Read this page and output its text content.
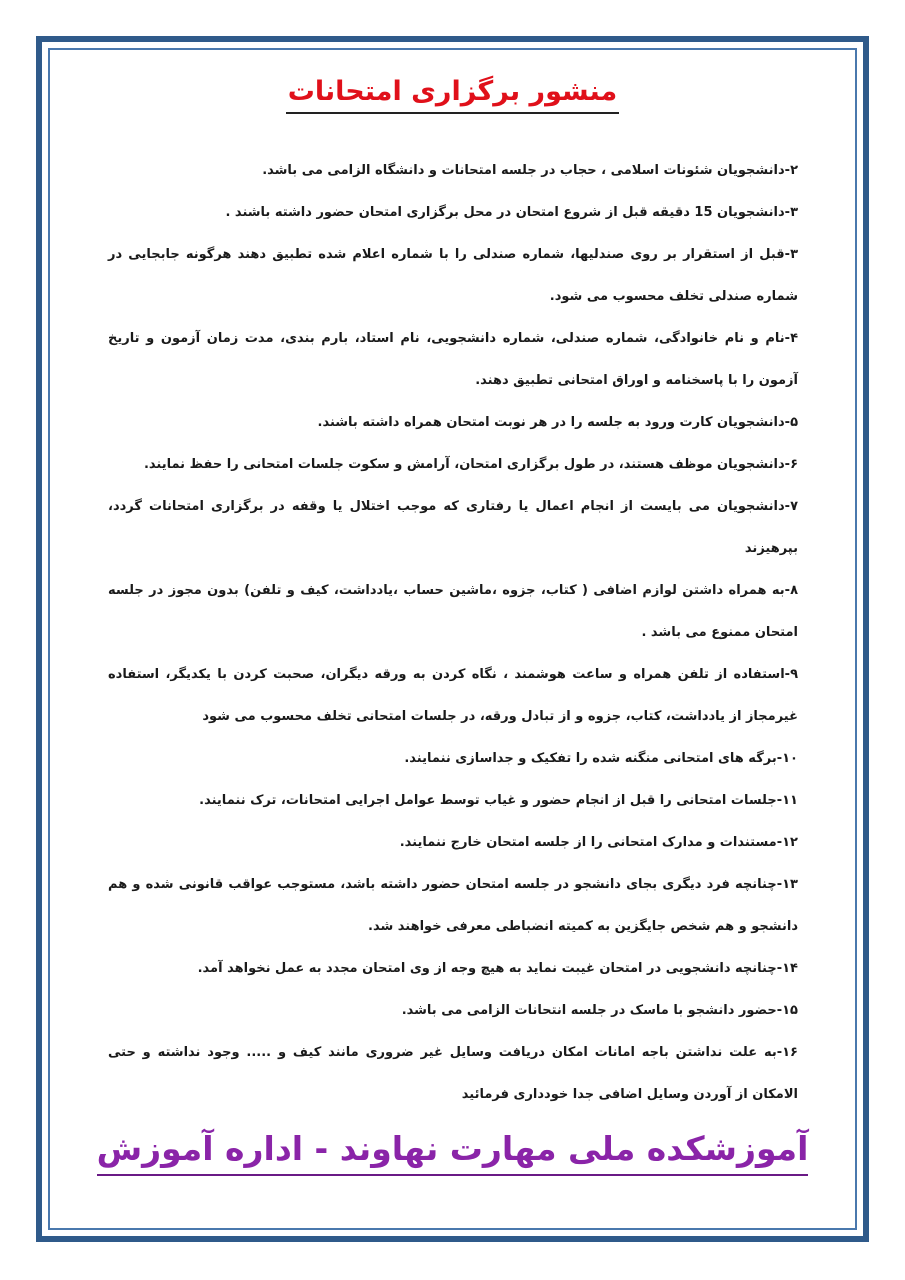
منشور برگزاری امتحانات

۲-دانشجویان شئونات اسلامی ، حجاب در جلسه امتحانات و دانشگاه الزامی می باشد.

۳-دانشجویان 15 دقیقه قبل از شروع امتحان در محل برگزاری امتحان حضور داشته باشند .

۳-قبل از استقرار بر روی صندلیها، شماره صندلی را با شماره اعلام شده تطبیق دهند هرگونه جابجایی در شماره صندلی تخلف محسوب می شود.

۴-نام و نام خانوادگی، شماره صندلی، شماره دانشجویی، نام استاد، بارم بندی، مدت زمان آزمون و تاریخ آزمون را با پاسخنامه و اوراق امتحانی تطبیق دهند.

۵-دانشجویان کارت ورود به جلسه را در هر نوبت امتحان همراه داشته باشند.

۶-دانشجویان موظف هستند، در طول برگزاری امتحان، آرامش و سکوت جلسات امتحانی را حفظ نمایند.

۷-دانشجویان می بایست از انجام اعمال یا رفتاری که موجب اختلال یا وقفه در برگزاری امتحانات گردد، بپرهیزند

۸-به همراه داشتن لوازم اضافی ( کتاب، جزوه ،ماشین حساب ،یادداشت، کیف و تلفن) بدون مجوز در جلسه امتحان ممنوع می باشد .

۹-استفاده از تلفن همراه و ساعت هوشمند ، نگاه کردن به ورقه دیگران، صحبت کردن با یکدیگر، استفاده غیرمجاز از یادداشت، کتاب، جزوه و از تبادل ورقه، در جلسات امتحانی تخلف محسوب می شود

۱۰-برگه های امتحانی منگنه شده را تفکیک و جداسازی ننمایند.

۱۱-جلسات امتحانی را قبل از انجام حضور و غیاب توسط عوامل اجرایی امتحانات، ترک ننمایند.

۱۲-مستندات و مدارک امتحانی را از جلسه امتحان خارج ننمایند.

۱۳-چنانچه فرد دیگری بجای دانشجو در جلسه امتحان حضور داشته باشد، مستوجب عواقب قانونی شده و هم دانشجو و هم شخص جایگزین به کمیته انضباطی معرفی خواهند شد.

۱۴-چنانچه دانشجویی در امتحان غیبت نماید به هیچ وجه از وی امتحان مجدد به عمل نخواهد آمد.

۱۵-حضور دانشجو با ماسک در جلسه انتحانات الزامی می باشد.

۱۶-به علت نداشتن باجه امانات امکان دریافت وسایل غیر ضروری مانند کیف و ..... وجود نداشته و حتی الامکان از آوردن وسایل اضافی جدا خودداری فرمائید

آموزشکده ملی مهارت نهاوند - اداره آموزش
